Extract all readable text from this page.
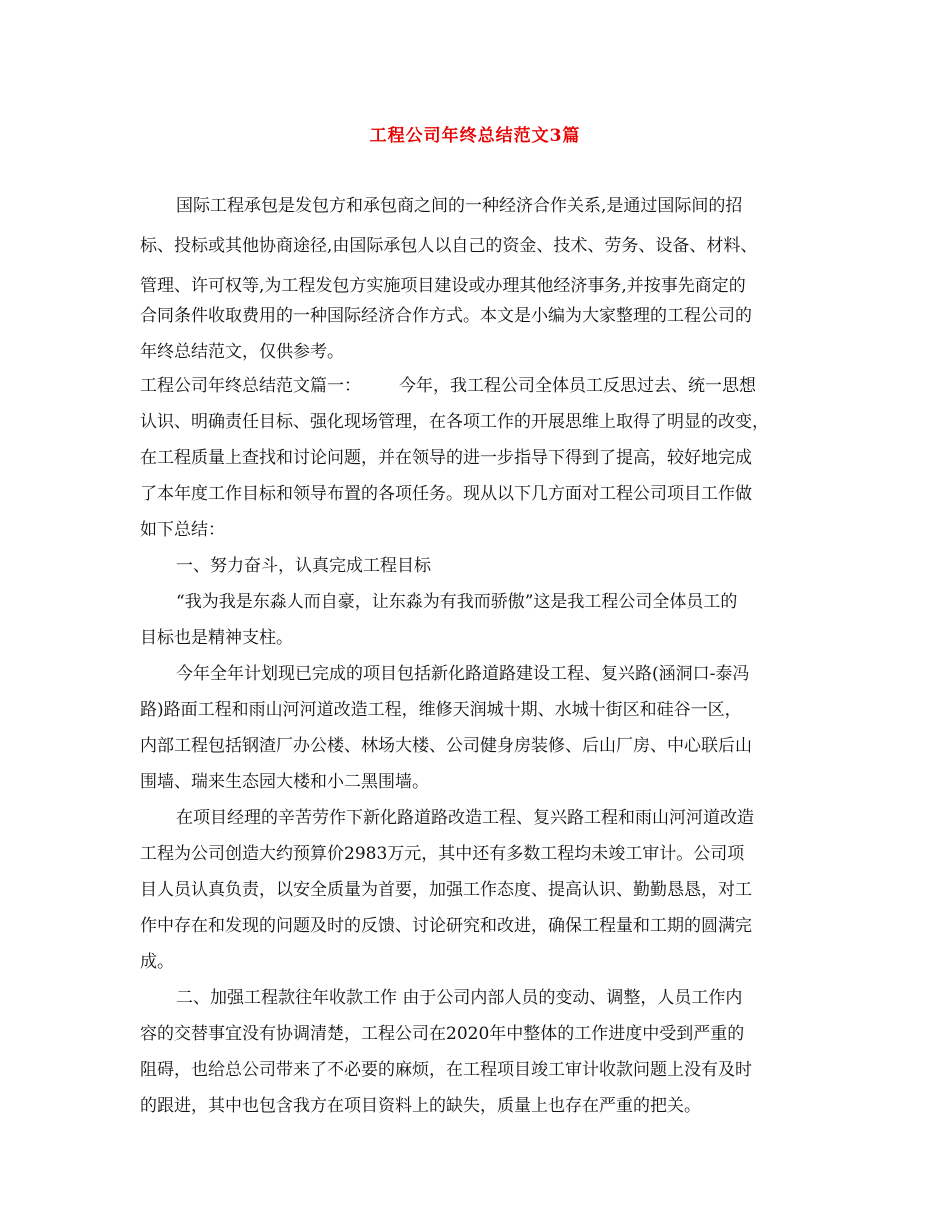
工程公司年终总结范文3篇
国际工程承包是发包方和承包商之间的一种经济合作关系,是通过国际间的招
标、投标或其他协商途径,由国际承包人以自己的资金、技术、劳务、设备、材料、
管理、许可权等,为工程发包方实施项目建设或办理其他经济事务,并按事先商定的
合同条件收取费用的一种国际经济合作方式。本文是小编为大家整理的工程公司的
年终总结范文，仅供参考。
工程公司年终总结范文篇一： 今年，我工程公司全体员工反思过去、统一思想
认识、明确责任目标、强化现场管理，在各项工作的开展思维上取得了明显的改变，
在工程质量上查找和讨论问题，并在领导的进一步指导下得到了提高，较好地完成
了本年度工作目标和领导布置的各项任务。现从以下几方面对工程公司项目工作做
如下总结：
一、努力奋斗，认真完成工程目标
“我为我是东淼人而自豪，让东淼为有我而骄傲”这是我工程公司全体员工的
目标也是精神支柱。
今年全年计划现已完成的项目包括新化路道路建设工程、复兴路(涵洞口-泰冯
路)路面工程和雨山河河道改造工程，维修天润城十期、水城十街区和硅谷一区，
内部工程包括钢渣厂办公楼、林场大楼、公司健身房装修、后山厂房、中心联后山
围墙、瑞来生态园大楼和小二黑围墙。
在项目经理的辛苦劳作下新化路道路改造工程、复兴路工程和雨山河河道改造
工程为公司创造大约预算价2983万元，其中还有多数工程均未竣工审计。公司项
目人员认真负责，以安全质量为首要，加强工作态度、提高认识、勤勤恳恳，对工
作中存在和发现的问题及时的反馈、讨论研究和改进，确保工程量和工期的圆满完
成。
二、加强工程款往年收款工作 由于公司内部人员的变动、调整，人员工作内
容的交替事宜没有协调清楚，工程公司在2020年中整体的工作进度中受到严重的
阻碍，也给总公司带来了不必要的麻烦，在工程项目竣工审计收款问题上没有及时
的跟进，其中也包含我方在项目资料上的缺失，质量上也存在严重的把关。
